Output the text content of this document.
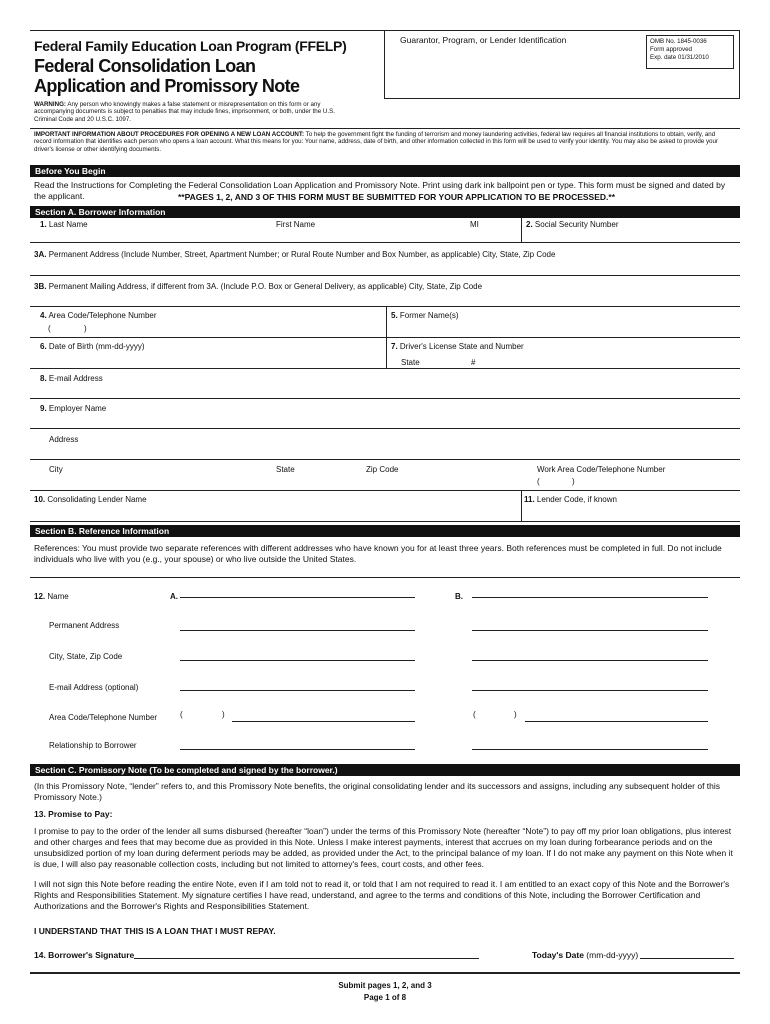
Federal Family Education Loan Program (FFELP)
Federal Consolidation Loan
Application and Promissory Note
Guarantor, Program, or Lender Identification	OMB No. 1845-0036
Form approved
Exp. date 01/31/2010
WARNING: Any person who knowingly makes a false statement or misrepresentation on this form or any accompanying documents is subject to penalties that may include fines, imprisonment, or both, under the U.S. Criminal Code and 20 U.S.C. 1097.
IMPORTANT INFORMATION ABOUT PROCEDURES FOR OPENING A NEW LOAN ACCOUNT: To help the government fight the funding of terrorism and money laundering activities, federal law requires all financial institutions to obtain, verify, and record information that identifies each person who opens a loan account. What this means for you: Your name, address, date of birth, and other information collected in this form will be used to verify your identity. You may also be asked to provide your driver's license or other identifying documents.
Before You Begin
Read the Instructions for Completing the Federal Consolidation Loan Application and Promissory Note. Print using dark ink ballpoint pen or type. This form must be signed and dated by the applicant.	**PAGES 1, 2, AND 3 OF THIS FORM MUST BE SUBMITTED FOR YOUR APPLICATION TO BE PROCESSED.**
Section A. Borrower Information
1. Last Name	First Name	MI	2. Social Security Number
3A. Permanent Address (Include Number, Street, Apartment Number; or Rural Route Number and Box Number, as applicable) City, State, Zip Code
3B. Permanent Mailing Address, if different from 3A. (Include P.O. Box or General Delivery, as applicable) City, State, Zip Code
4. Area Code/Telephone Number
(	)
5. Former Name(s)
6. Date of Birth (mm-dd-yyyy)	7. Driver's License State and Number
State	#
8. E-mail Address
9. Employer Name
Address
City	State	Zip Code	Work Area Code/Telephone Number
(	)
10. Consolidating Lender Name	11. Lender Code, if known
Section B. Reference Information
References: You must provide two separate references with different addresses who have known you for at least three years. Both references must be completed in full. Do not include individuals who live with you (e.g., your spouse) or who live outside the United States.
12. Name	A.	B.
Permanent Address
City, State, Zip Code
E-mail Address (optional)
Area Code/Telephone Number	(	)	(	)
Relationship to Borrower
Section C. Promissory Note (To be completed and signed by the borrower.)
(In this Promissory Note, “lender” refers to, and this Promissory Note benefits, the original consolidating lender and its successors and assigns, including any subsequent holder of this Promissory Note.)
13. Promise to Pay:
I promise to pay to the order of the lender all sums disbursed (hereafter “loan”) under the terms of this Promissory Note (hereafter “Note”) to pay off my prior loan obligations, plus interest and other charges and fees that may become due as provided in this Note. Unless I make interest payments, interest that accrues on my loan during forbearance periods and on the unsubsidized portion of my loan during deferment periods may be added, as provided under the Act, to the principal balance of my loan. If I do not make any payment on this Note when it is due, I will also pay reasonable collection costs, including but not limited to attorney's fees, court costs, and other fees.
I will not sign this Note before reading the entire Note, even if I am told not to read it, or told that I am not required to read it. I am entitled to an exact copy of this Note and the Borrower's Rights and Responsibilities Statement. My signature certifies I have read, understand, and agree to the terms and conditions of this Note, including the Borrower Certification and Authorizations and the Borrower's Rights and Responsibilities Statement.
I UNDERSTAND THAT THIS IS A LOAN THAT I MUST REPAY.
14. Borrower's Signature	Today's Date (mm-dd-yyyy)
Submit pages 1, 2, and 3
Page 1 of 8
